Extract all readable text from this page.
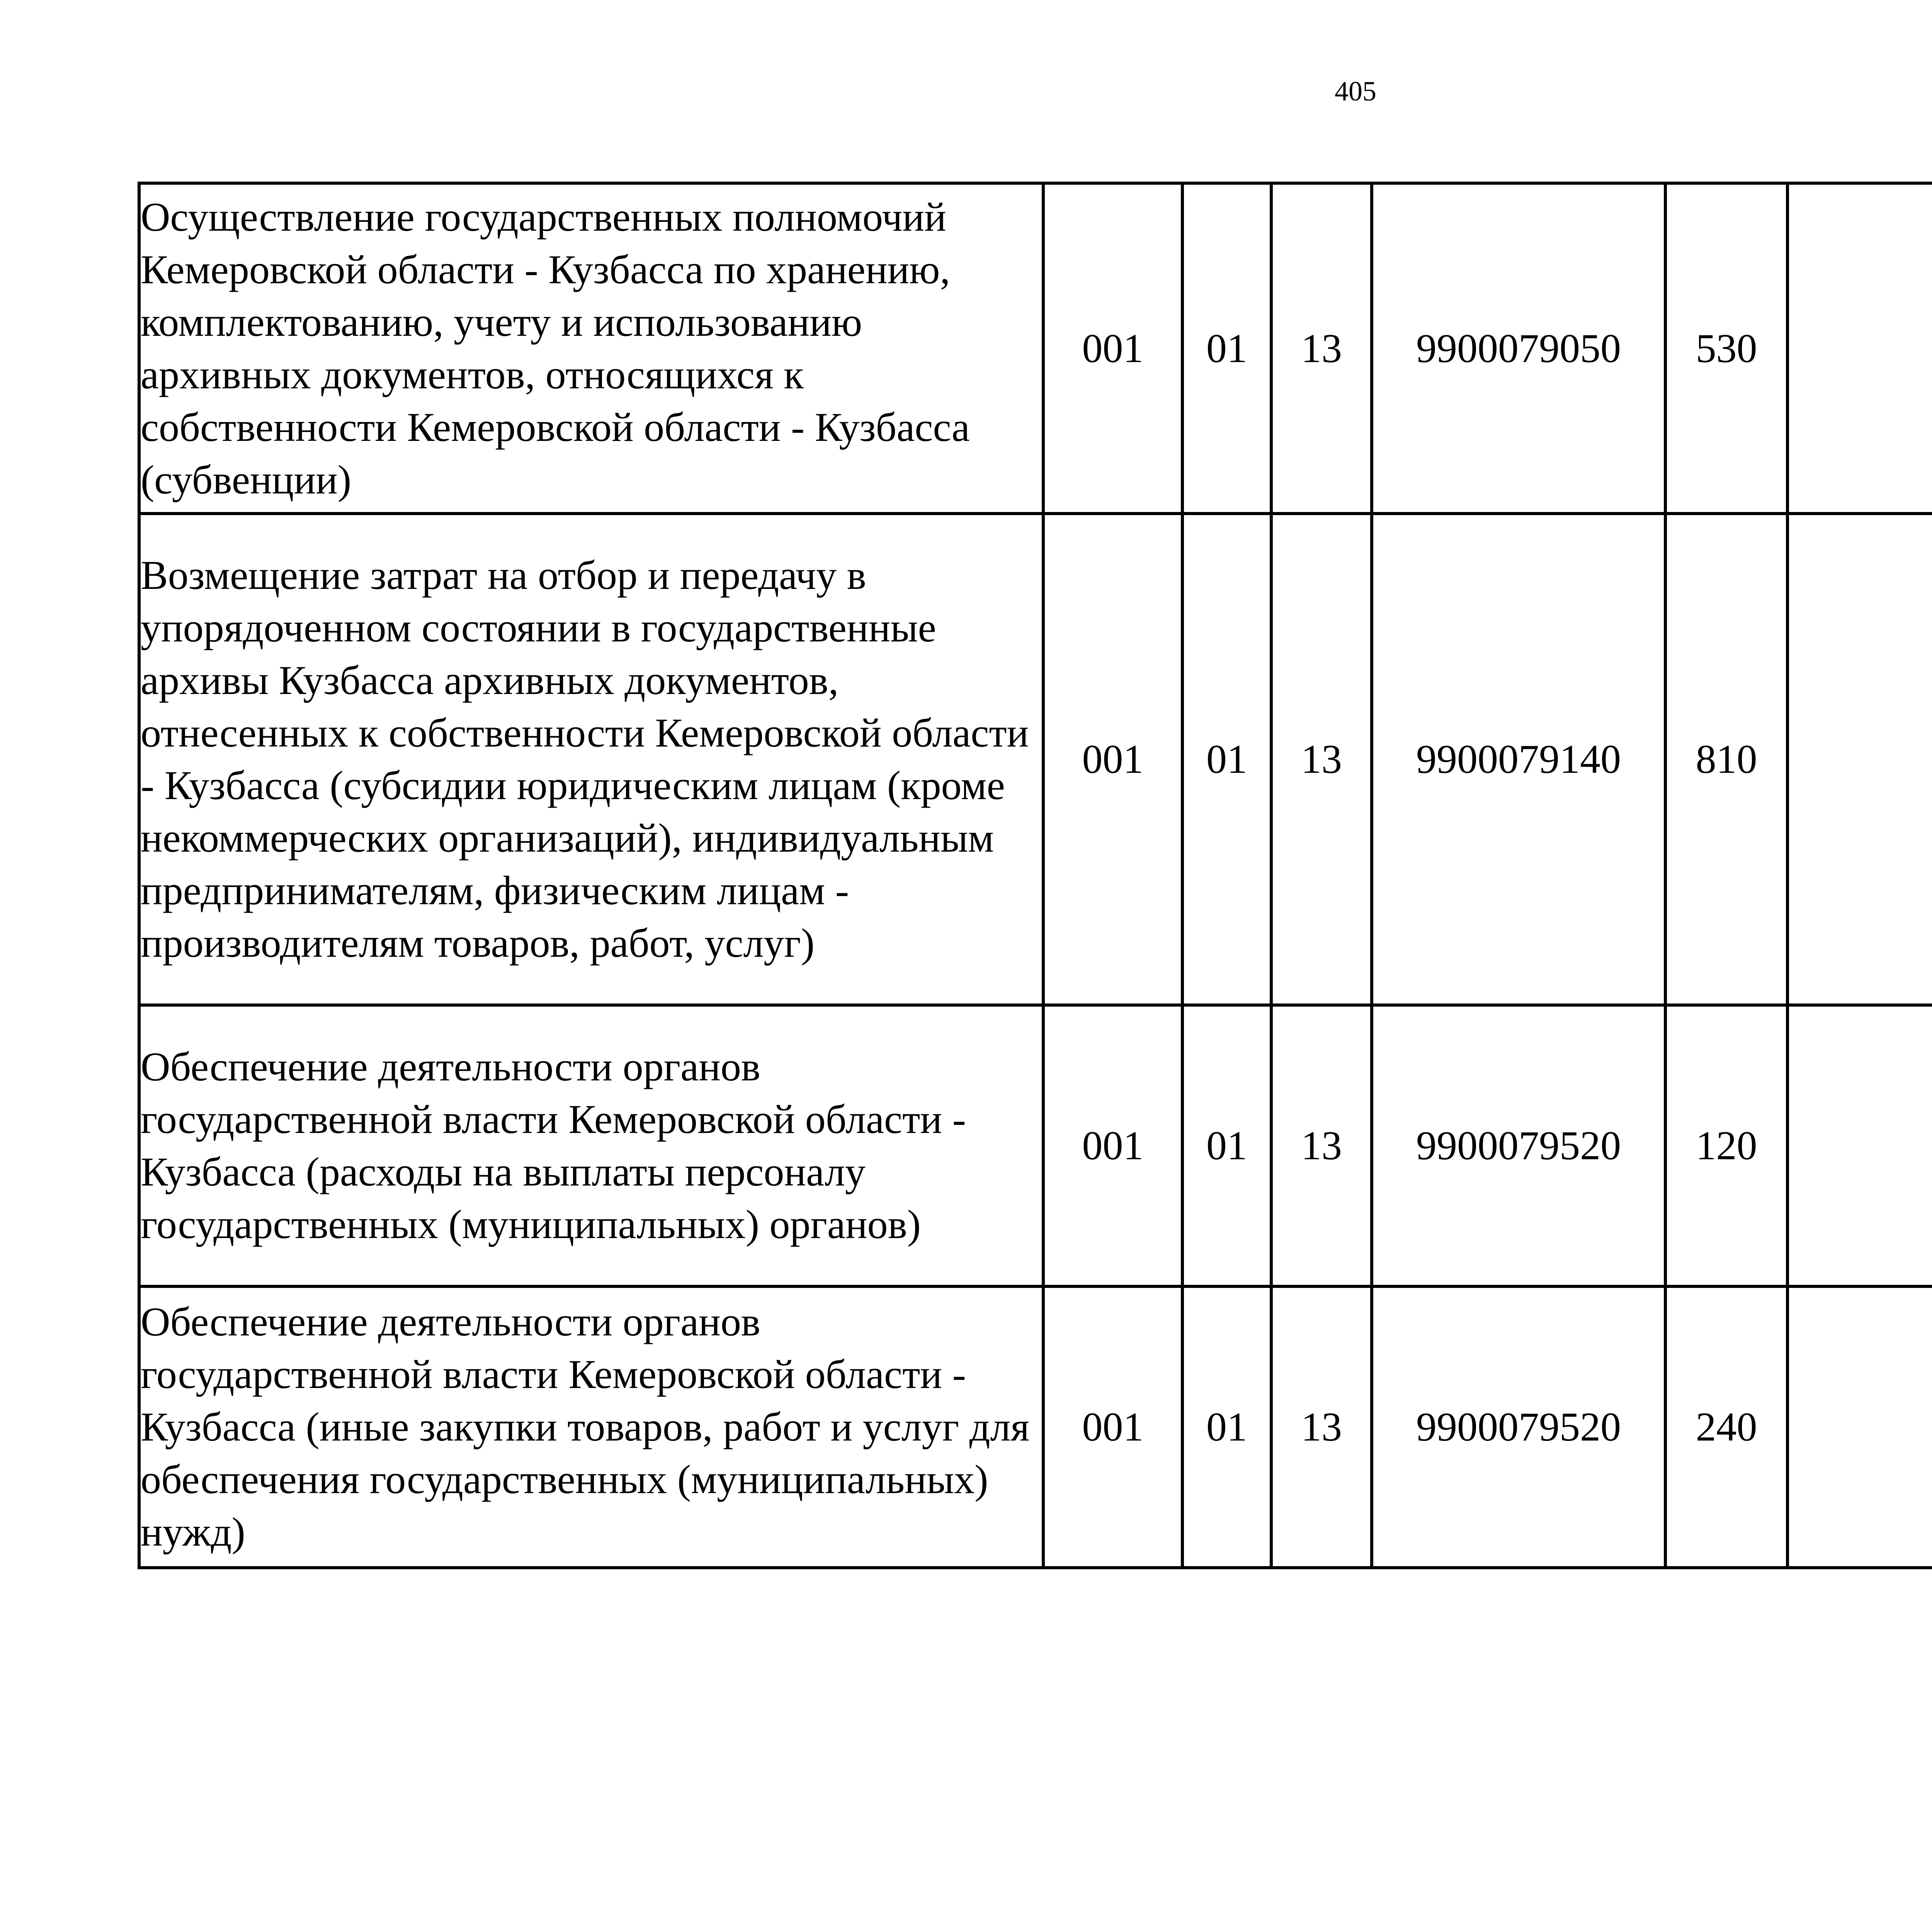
405
Осуществление государственных полномочий Кемеровской области - Кузбасса по хранению, комплектованию, учету и использованию архивных документов, относящихся к собственности Кемеровской области - Кузбасса (субвенции)	001	01	13	9900079050	530			
Возмещение затрат на отбор и передачу в упорядоченном состоянии в государственные архивы Кузбасса архивных документов, отнесенных к собственности Кемеровской области - Кузбасса (субсидии юридическим лицам (кроме некоммерческих организаций), индивидуальным предпринимателям, физическим лицам - производителям товаров, работ, услуг)	001	01	13	9900079140	810			
Обеспечение деятельности органов государственной власти Кемеровской области - Кузбасса (расходы на выплаты персоналу государственных (муниципальных) органов)	001	01	13	9900079520	120			
Обеспечение деятельности органов государственной власти Кемеровской области - Кузбасса (иные закупки товаров, работ и услуг для обеспечения государственных (муниципальных) нужд)	001	01	13	9900079520	240			
